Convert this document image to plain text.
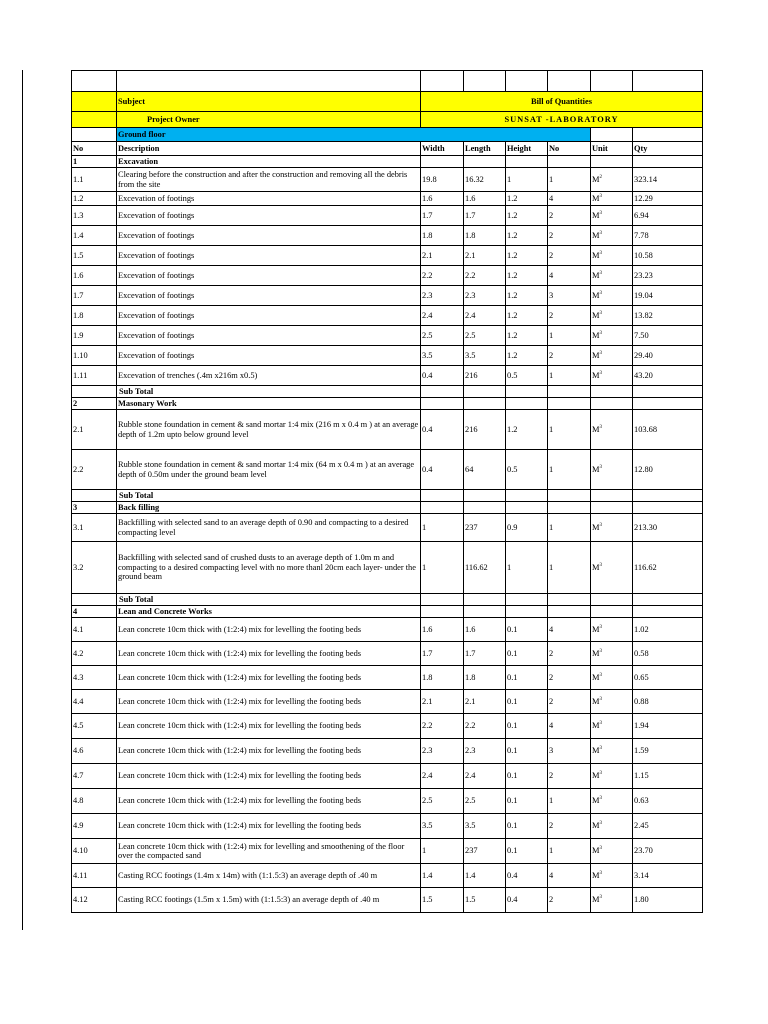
	Subject	Bill of Quantities					
	Project Owner	SUNSAT -LABORATORY					
	Ground floor						
No	Description	Width	Length	Height	No	Unit	Qty
1	Excavation						
1.1	Clearing before the construction and after the construction and removing all the debris from the site	19.8	16.32	1	1	$M^2$	323.14
1.2	Excevation of footings	1.6	1.6	1.2	4	$M^3$	12.29
1.3	Excevation of footings	1.7	1.7	1.2	2	$M^3$	6.94
1.4	Excevation of footings	1.8	1.8	1.2	2	$M^3$	7.78
1.5	Excevation of footings	2.1	2.1	1.2	2	$M^3$	10.58
1.6	Excevation of footings	2.2	2.2	1.2	4	$M^3$	23.23
1.7	Excevation of footings	2.3	2.3	1.2	3	$M^3$	19.04
1.8	Excevation of footings	2.4	2.4	1.2	2	$M^3$	13.82
1.9	Excevation of footings	2.5	2.5	1.2	1	$M^3$	7.50
1.10	Excevation of footings	3.5	3.5	1.2	2	$M^3$	29.40
1.11	Excevation of trenches (.4m x216m x0.5)	0.4	216	0.5	1	$M^3$	43.20
	Sub Total						
2	Masonary Work						
2.1	Rubble stone foundation in cement & sand mortar 1:4 mix (216 m x 0.4 m ) at an average depth of 1.2m upto below ground level	0.4	216	1.2	1	$M^3$	103.68
2.2	Rubble stone foundation in cement & sand mortar 1:4 mix (64 m x 0.4 m ) at an average depth of 0.50m under the ground beam level	0.4	64	0.5	1	$M^3$	12.80
	Sub Total						
3	Back filling						
3.1	Backfilling with selected sand to an average depth of 0.90 and compacting to a desired compacting level	1	237	0.9	1	$M^3$	213.30
3.2	Backfilling with selected sand of crushed dusts to an average depth of 1.0m m and compacting to a desired compacting level with no more thanl 20cm each layer- under the ground beam	1	116.62	1	1	$M^3$	116.62
	Sub Total						
4	Lean and Concrete Works						
4.1	Lean concrete 10cm thick with (1:2:4) mix for levelling the footing beds	1.6	1.6	0.1	4	$M^3$	1.02
4.2	Lean concrete 10cm thick with (1:2:4) mix for levelling the footing beds	1.7	1.7	0.1	2	$M^3$	0.58
4.3	Lean concrete 10cm thick with (1:2:4) mix for levelling the footing beds	1.8	1.8	0.1	2	$M^3$	0.65
4.4	Lean concrete 10cm thick with (1:2:4) mix for levelling the footing beds	2.1	2.1	0.1	2	$M^3$	0.88
4.5	Lean concrete 10cm thick with (1:2:4) mix for levelling the footing beds	2.2	2.2	0.1	4	$M^3$	1.94
4.6	Lean concrete 10cm thick with (1:2:4) mix for levelling the footing beds	2.3	2.3	0.1	3	$M^3$	1.59
4.7	Lean concrete 10cm thick with (1:2:4) mix for levelling the footing beds	2.4	2.4	0.1	2	$M^3$	1.15
4.8	Lean concrete 10cm thick with (1:2:4) mix for levelling the footing beds	2.5	2.5	0.1	1	$M^3$	0.63
4.9	Lean concrete 10cm thick with (1:2:4) mix for levelling the footing beds	3.5	3.5	0.1	2	$M^3$	2.45
4.10	Lean concrete 10cm thick with (1:2:4) mix for levelling and smoothening of the floor over the compacted sand	1	237	0.1	1	$M^3$	23.70
4.11	Casting RCC footings (1.4m x 14m) with (1:1.5:3) an average depth of .40 m	1.4	1.4	0.4	4	$M^3$	3.14
4.12	Casting RCC footings (1.5m x 1.5m) with (1:1.5:3) an average depth of .40 m	1.5	1.5	0.4	2	$M^3$	1.80
